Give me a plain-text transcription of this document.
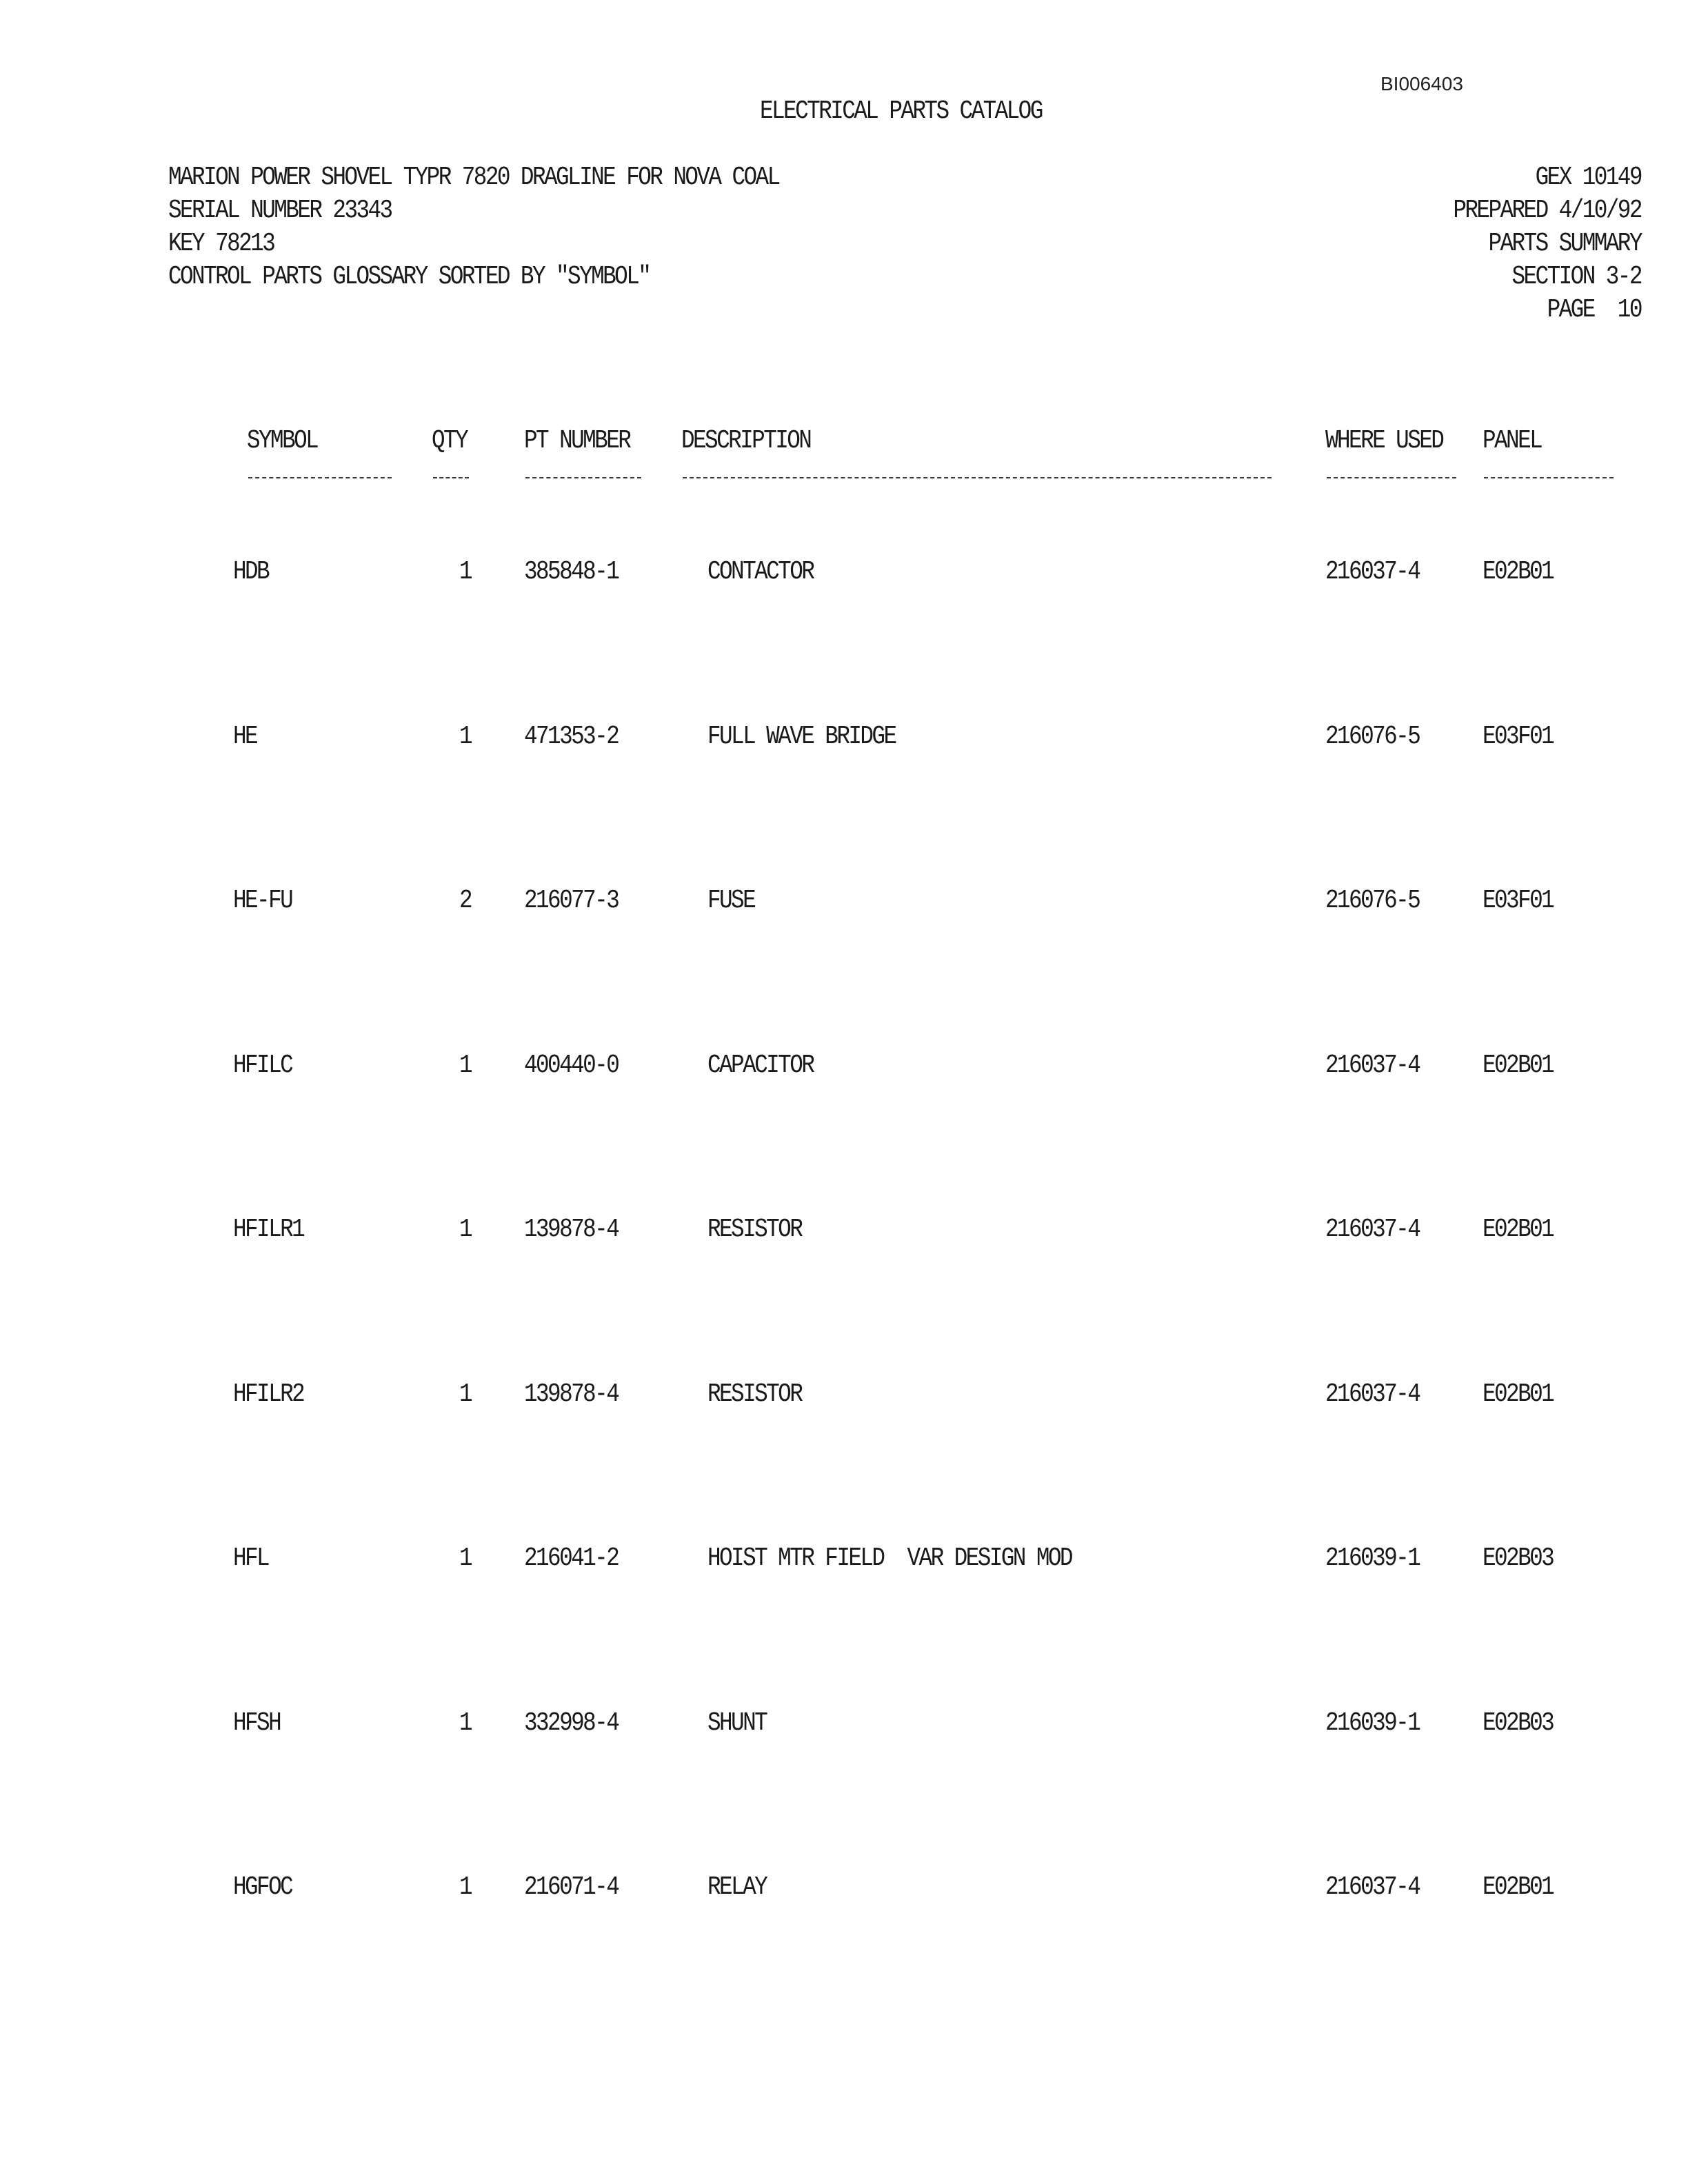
BI006403
ELECTRICAL PARTS CATALOG
MARION POWER SHOVEL TYPR 7820 DRAGLINE FOR NOVA COAL
SERIAL NUMBER 23343
KEY 78213
CONTROL PARTS GLOSSARY SORTED BY "SYMBOL"
GEX 10149
PREPARED 4/10/92
PARTS SUMMARY
SECTION 3-2
PAGE  10
SYMBOL	QTY PT NUMBER DESCRIPTION	WHERE USED PANEL
HDB	1 385848-1	CONTACTOR	216037-4 E02B01
HE	1 471353-2	FULL WAVE BRIDGE	216076-5 E03F01
HE-FU	2 216077-3	FUSE	216076-5 E03F01
HFILC	1 400440-0	CAPACITOR	216037-4 E02B01
HFILR1	1 139878-4	RESISTOR	216037-4 E02B01
HFILR2	1 139878-4	RESISTOR	216037-4 E02B01
HFL	1 216041-2	HOIST MTR FIELD  VAR DESIGN MOD	216039-1 E02B03
HFSH	1 332998-4	SHUNT	216039-1 E02B03
HGFOC	1 216071-4	RELAY	216037-4 E02B01
